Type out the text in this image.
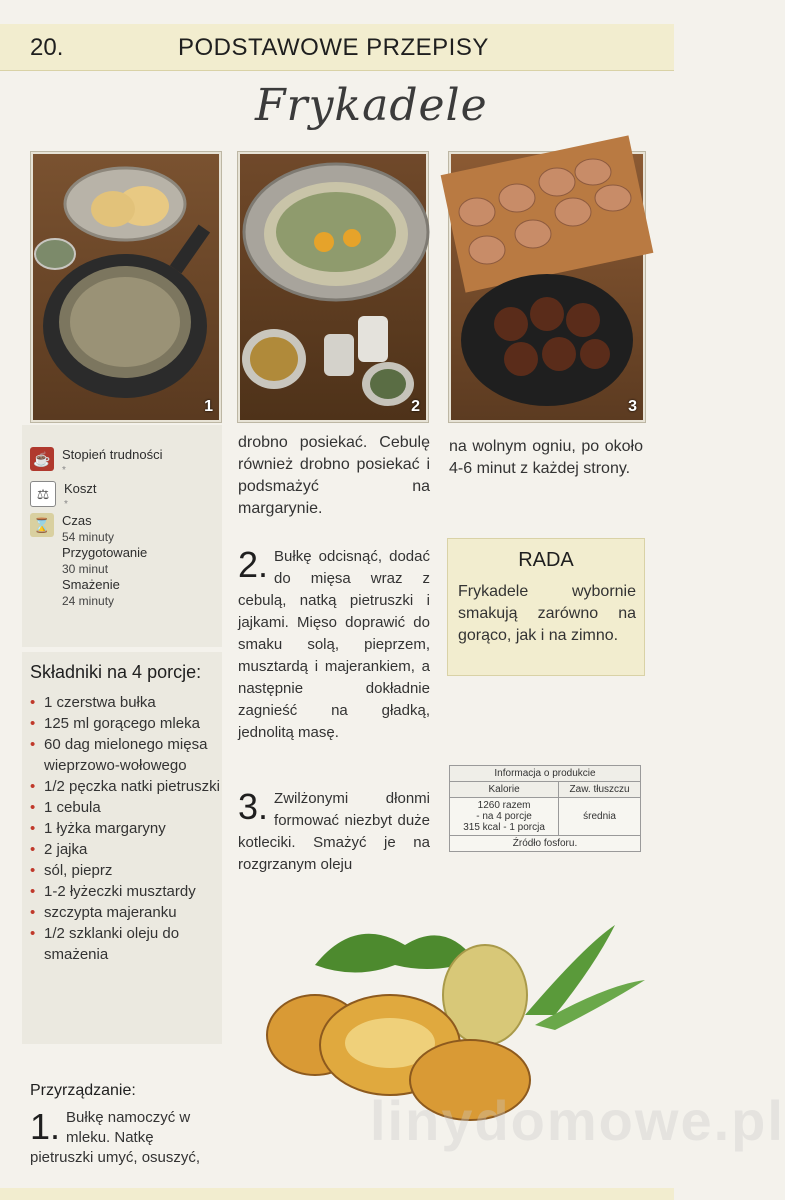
20.	PODSTAWOWE PRZEPISY
Frykadele
1	2	3
☕ Stopień trudności
*
⚖	Koszt
*
⌛ Czas
54 minuty
Przygotowanie
30 minut
Smażenie
24 minuty
Składniki na 4 porcje:
• 1 czerstwa bułka
• 125 ml gorącego mleka
• 60 dag mielonego mięsa wieprzowo-wołowego
• 1/2 pęczka natki pietruszki
• 1 cebula
• 1 łyżka margaryny
• 2 jajka
• sól, pieprz
• 1-2 łyżeczki musztardy
• szczypta majeranku
• 1/2 szklanki oleju do smażenia
Przyrządzanie:
1. Bułkę namoczyć w mleku. Natkę pietruszki umyć, osuszyć,

drobno posiekać. Cebulę również drobno posiekać i podsmażyć na margarynie.

2. Bułkę odcisnąć, dodać do mięsa wraz z cebulą, natką pietruszki i jajkami. Mięso doprawić do smaku solą, pieprzem, musztardą i majerankiem, a następnie dokładnie zagnieść na gładką, jednolitą masę.
3. Zwilżonymi dłonmi formować niezbyt duże kotleciki. Smażyć je na rozgrzanym oleju
na wolnym ogniu, po około 4-6 minut z każdej strony.
RADA
Frykadele wybornie smakują zarówno na gorąco, jak i na zimno.
Informacja o produkcie	
Kalorie	Zaw. tłuszczu

1260 razem
- na 4 porcje
315 kcal - 1 porcja	średnia
Źródło fosforu.	
linydomowe.pl
